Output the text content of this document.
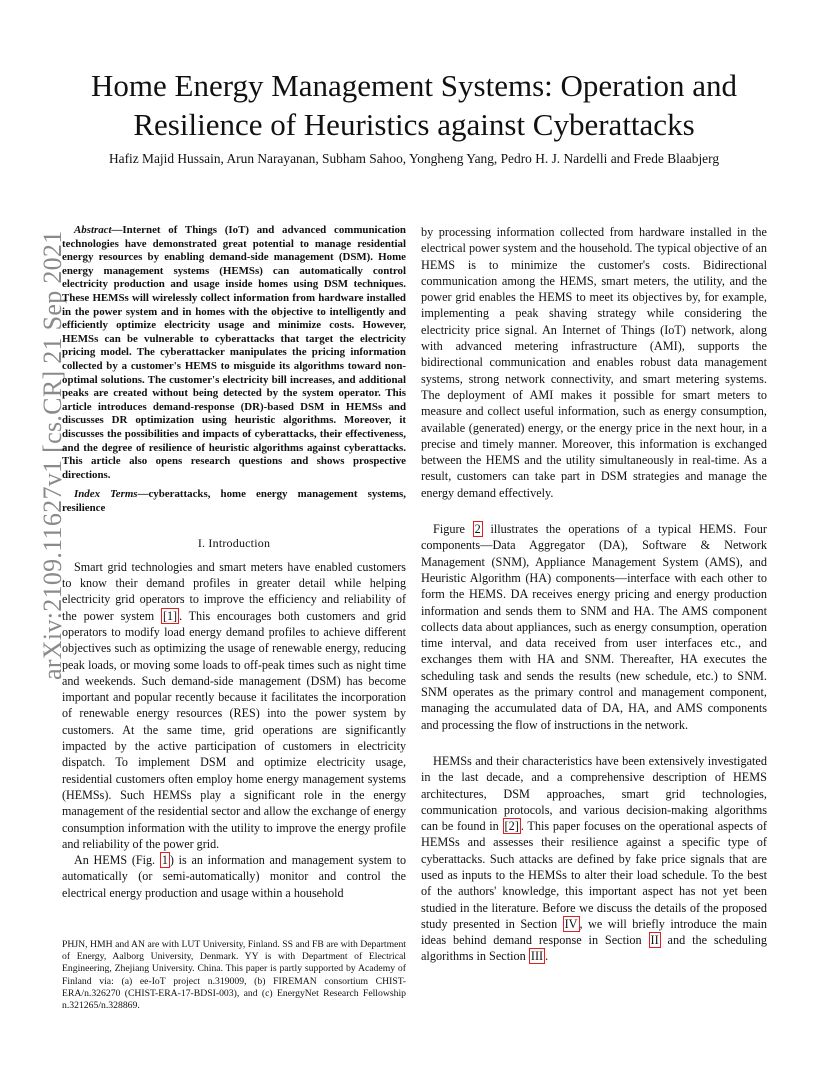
Home Energy Management Systems: Operation and Resilience of Heuristics against Cyberattacks
Hafiz Majid Hussain, Arun Narayanan, Subham Sahoo, Yongheng Yang, Pedro H. J. Nardelli and Frede Blaabjerg
arXiv:2109.11627v1 [cs.CR] 21 Sep 2021

Abstract—Internet of Things (IoT) and advanced communication technologies have demonstrated great potential to manage residential energy resources by enabling demand-side management (DSM). Home energy management systems (HEMSs) can automatically control electricity production and usage inside homes using DSM techniques. These HEMSs will wirelessly collect information from hardware installed in the power system and in homes with the objective to intelligently and efficiently optimize electricity usage and minimize costs. However, HEMSs can be vulnerable to cyberattacks that target the electricity pricing model. The cyberattacker manipulates the pricing information collected by a customer's HEMS to misguide its algorithms toward non-optimal solutions. The customer's electricity bill increases, and additional peaks are created without being detected by the system operator. This article introduces demand-response (DR)-based DSM in HEMSs and discusses DR optimization using heuristic algorithms. Moreover, it discusses the possibilities and impacts of cyberattacks, their effectiveness, and the degree of resilience of heuristic algorithms against cyberattacks. This article also opens research questions and shows prospective directions.

Index Terms—cyberattacks, home energy management systems, resilience

I. Introduction

Smart grid technologies and smart meters have enabled customers to know their demand profiles in greater detail while helping electricity grid operators to improve the efficiency and reliability of the power system [1] . This encourages both customers and grid operators to modify load energy demand profiles to achieve different objectives such as optimizing the usage of renewable energy, reducing peak loads, or moving some loads to off-peak times such as night time and weekends. Such demand-side management (DSM) has become important and popular recently because it facilitates the incorporation of renewable energy resources (RES) into the power system by customers. At the same time, grid operations are significantly impacted by the active participation of customers in electricity dispatch. To implement DSM and optimize electricity usage, residential customers often employ home energy management systems (HEMSs). Such HEMSs play a significant role in the energy management of the residential sector and allow the exchange of energy consumption information with the utility to improve the energy profile and reliability of the power grid.

An HEMS (Fig. 1 ) is an information and management system to automatically (or semi-automatically) monitor and control the electrical energy production and usage within a household

PHJN, HMH and AN are with LUT University, Finland. SS and FB are with Department of Energy, Aalborg University, Denmark. YY is with Department of Electrical Engineering, Zhejiang University. China. This paper is partly supported by Academy of Finland via: (a) ee-IoT project n.319009, (b) FIREMAN consortium CHIST-ERA/n.326270 (CHIST-ERA-17-BDSI-003), and (c) EnergyNet Research Fellowship n.321265/n.328869.

by processing information collected from hardware installed in the electrical power system and the household. The typical objective of an HEMS is to minimize the customer's costs. Bidirectional communication among the HEMS, smart meters, the utility, and the power grid enables the HEMS to meet its objectives by, for example, implementing a peak shaving strategy while considering the electricity price signal. An Internet of Things (IoT) network, along with advanced metering infrastructure (AMI), supports the bidirectional communication and enables robust data management systems, strong network connectivity, and smart metering systems. The deployment of AMI makes it possible for smart meters to measure and collect useful information, such as energy consumption, available (generated) energy, or the energy price in the next hour, in a precise and timely manner. Moreover, this information is exchanged between the HEMS and the utility simultaneously in real-time. As a result, customers can take part in DSM strategies and manage the energy demand effectively.

Figure 2 illustrates the operations of a typical HEMS. Four components—Data Aggregator (DA), Software & Network Management (SNM), Appliance Management System (AMS), and Heuristic Algorithm (HA) components—interface with each other to form the HEMS. DA receives energy pricing and energy production information and sends them to SNM and HA. The AMS component collects data about appliances, such as energy consumption, operation time interval, and data received from user interfaces etc., and exchanges them with HA and SNM. Thereafter, HA executes the scheduling task and sends the results (new schedule, etc.) to SNM. SNM operates as the primary control and management component, managing the accumulated data of DA, HA, and AMS components and processing the flow of instructions in the network.

HEMSs and their characteristics have been extensively investigated in the last decade, and a comprehensive description of HEMS architectures, DSM approaches, smart grid technologies, communication protocols, and various decision-making algorithms can be found in [2] . This paper focuses on the operational aspects of HEMSs and assesses their resilience against a specific type of cyberattacks. Such attacks are defined by fake price signals that are used as inputs to the HEMSs to alter their load schedule. To the best of the authors' knowledge, this important aspect has not yet been studied in the literature. Before we discuss the details of the proposed study presented in Section IV , we will briefly introduce the main ideas behind demand response in Section II and the scheduling algorithms in Section III .
